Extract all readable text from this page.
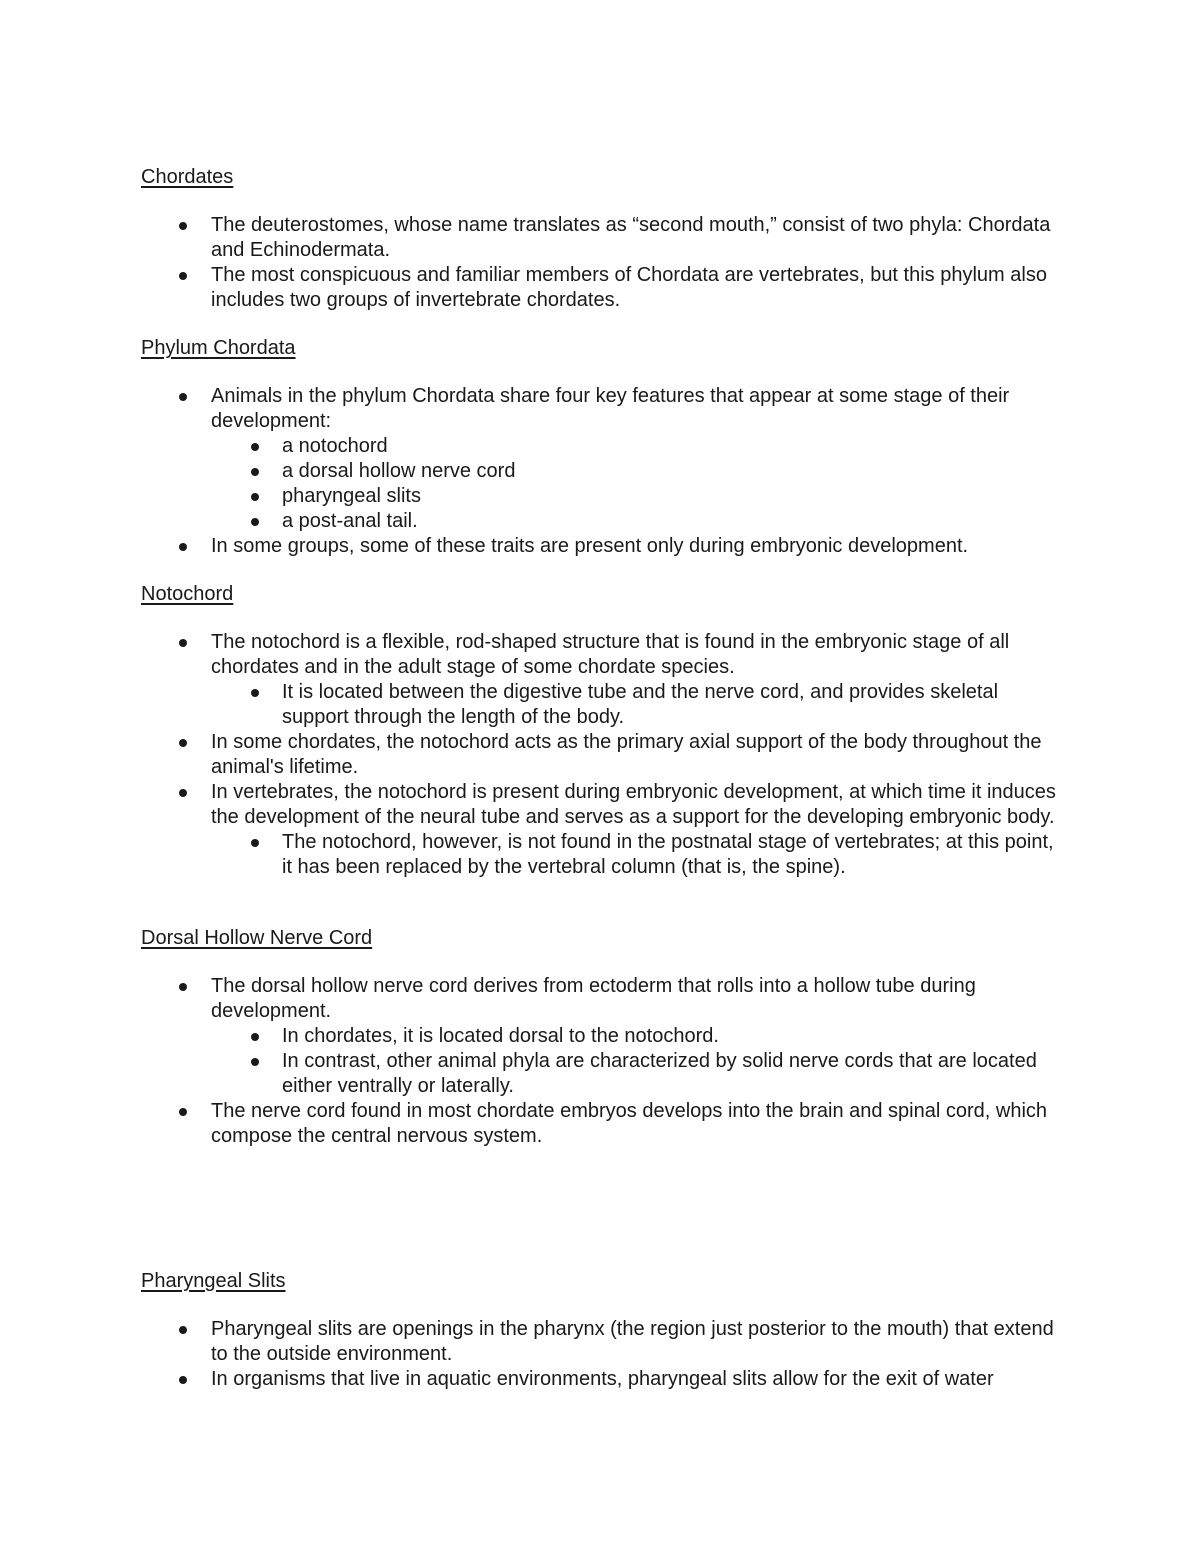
Chordates
The deuterostomes, whose name translates as “second mouth,” consist of two phyla: Chordata and Echinodermata.
The most conspicuous and familiar members of Chordata are vertebrates, but this phylum also includes two groups of invertebrate chordates.
Phylum Chordata
Animals in the phylum Chordata share four key features that appear at some stage of their development:
a notochord
a dorsal hollow nerve cord
pharyngeal slits
a post-anal tail.
In some groups, some of these traits are present only during embryonic development.
Notochord
The notochord is a flexible, rod-shaped structure that is found in the embryonic stage of all chordates and in the adult stage of some chordate species.
It is located between the digestive tube and the nerve cord, and provides skeletal support through the length of the body.
In some chordates, the notochord acts as the primary axial support of the body throughout the animal's lifetime.
In vertebrates, the notochord is present during embryonic development, at which time it induces the development of the neural tube and serves as a support for the developing embryonic body.
The notochord, however, is not found in the postnatal stage of vertebrates; at this point, it has been replaced by the vertebral column (that is, the spine).
Dorsal Hollow Nerve Cord
The dorsal hollow nerve cord derives from ectoderm that rolls into a hollow tube during development.
In chordates, it is located dorsal to the notochord.
In contrast, other animal phyla are characterized by solid nerve cords that are located either ventrally or laterally.
The nerve cord found in most chordate embryos develops into the brain and spinal cord, which compose the central nervous system.
Pharyngeal Slits
Pharyngeal slits are openings in the pharynx (the region just posterior to the mouth) that extend to the outside environment.
In organisms that live in aquatic environments, pharyngeal slits allow for the exit of water
